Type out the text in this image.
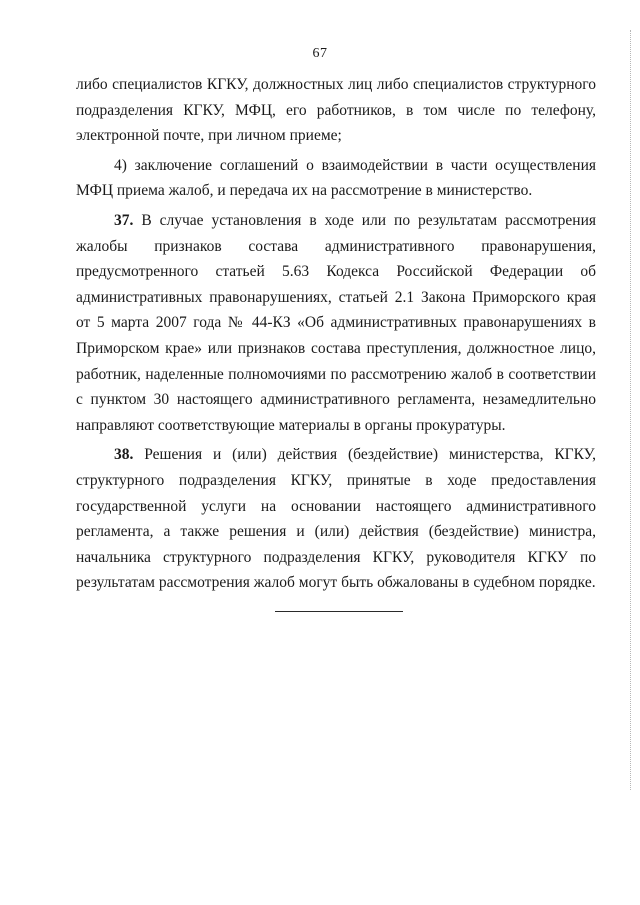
67

либо специалистов КГКУ, должностных лиц либо специалистов структурного подразделения КГКУ, МФЦ, его работников, в том числе по телефону, электронной почте, при личном приеме;

4) заключение соглашений о взаимодействии в части осуществления МФЦ приема жалоб, и передача их на рассмотрение в министерство.

37. В случае установления в ходе или по результатам рассмотрения жалобы признаков состава административного правонарушения, предусмотренного статьей 5.63 Кодекса Российской Федерации об административных правонарушениях, статьей 2.1 Закона Приморского края от 5 марта 2007 года № 44-КЗ «Об административных правонарушениях в Приморском крае» или признаков состава преступления, должностное лицо, работник, наделенные полномочиями по рассмотрению жалоб в соответствии с пунктом 30 настоящего административного регламента, незамедлительно направляют соответствующие материалы в органы прокуратуры.

38. Решения и (или) действия (бездействие) министерства, КГКУ, структурного подразделения КГКУ, принятые в ходе предоставления государственной услуги на основании настоящего административного регламента, а также решения и (или) действия (бездействие) министра, начальника структурного подразделения КГКУ, руководителя КГКУ по результатам рассмотрения жалоб могут быть обжалованы в судебном порядке.
